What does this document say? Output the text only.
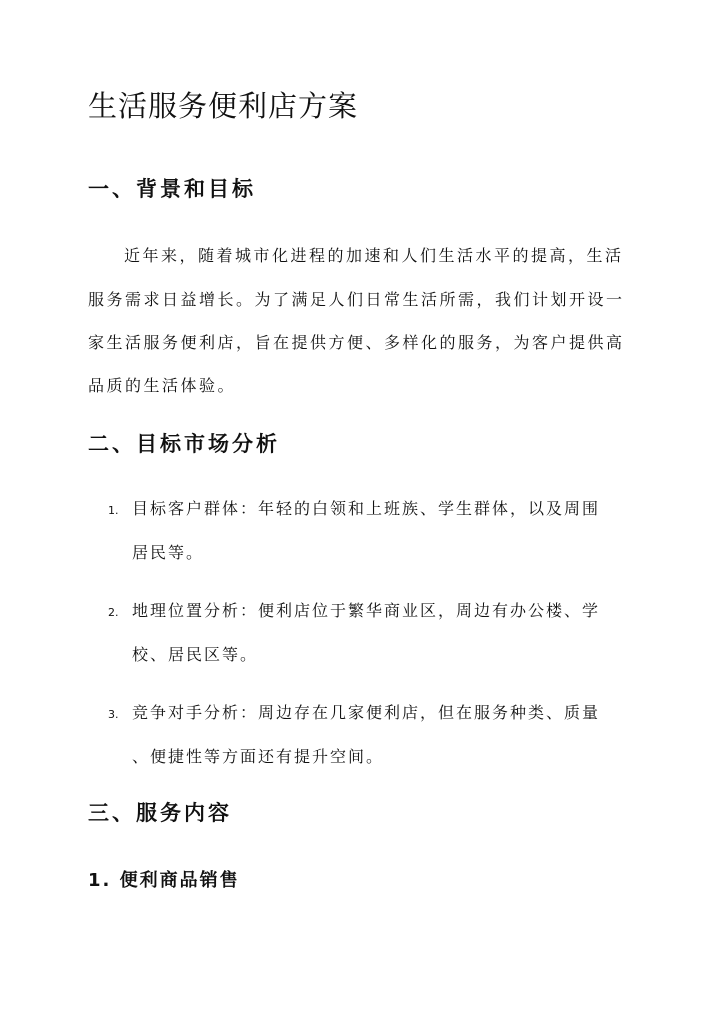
生活服务便利店方案
一、背景和目标

近年来，随着城市化进程的加速和人们生活水平的提高，生活

服务需求日益增长。为了满足人们日常生活所需，我们计划开设一

家生活服务便利店，旨在提供方便、多样化的服务，为客户提供高

品质的生活体验。

二、目标市场分析
1. 目标客户群体：年轻的白领和上班族、学生群体，以及周围

居民等。

2. 地理位置分析：便利店位于繁华商业区，周边有办公楼、学

校、居民区等。

3. 竞争对手分析：周边存在几家便利店，但在服务种类、质量

、便捷性等方面还有提升空间。

三、服务内容
1. 便利商品销售
